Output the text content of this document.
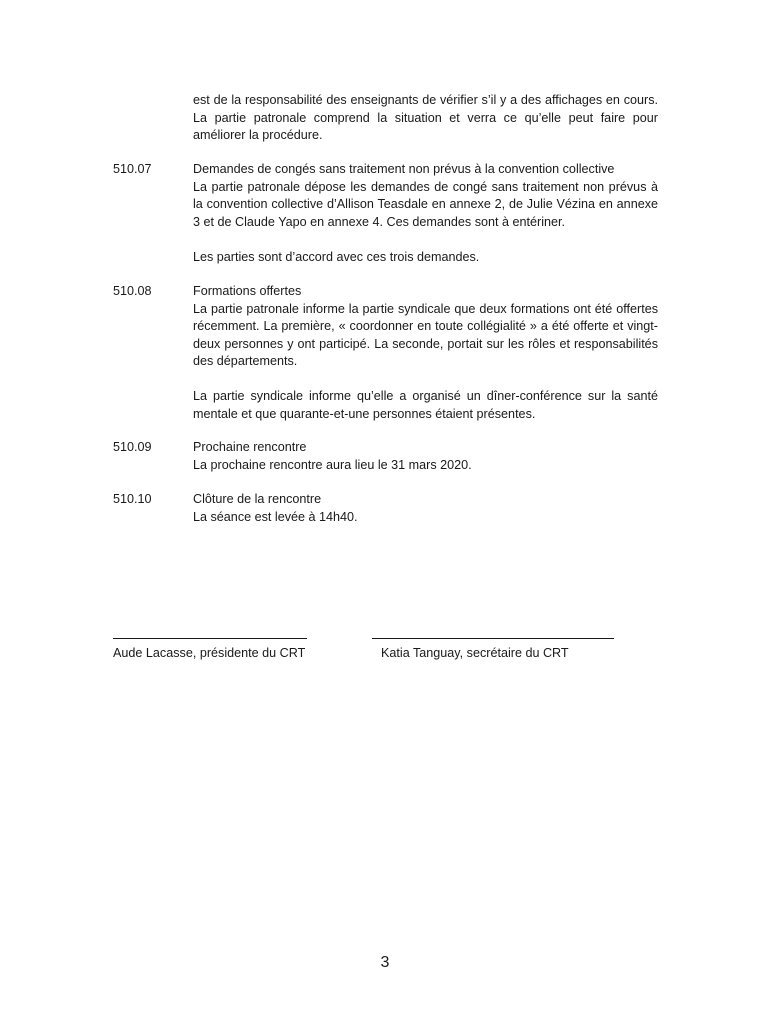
est de la responsabilité des enseignants de vérifier s’il y a des affichages en cours. La partie patronale comprend la situation et verra ce qu’elle peut faire pour améliorer la procédure.

510.07	Demandes de congés sans traitement non prévus à la convention collective

La partie patronale dépose les demandes de congé sans traitement non prévus à la convention collective d’Allison Teasdale en annexe 2, de Julie Vézina en annexe 3 et de Claude Yapo en annexe 4. Ces demandes sont à entériner.

Les parties sont d’accord avec ces trois demandes.

510.08	Formations offertes

La partie patronale informe la partie syndicale que deux formations ont été offertes récemment. La première, « coordonner en toute collégialité » a été offerte et vingt-deux personnes y ont participé. La seconde, portait sur les rôles et responsabilités des départements.

La partie syndicale informe qu’elle a organisé un dîner-conférence sur la santé mentale et que quarante-et-une personnes étaient présentes.

510.09	Prochaine rencontre

La prochaine rencontre aura lieu le 31 mars 2020.

510.10	Clôture de la rencontre

La séance est levée à 14h40.

Aude Lacasse, présidente du CRT	Katia Tanguay, secrétaire du CRT
3
